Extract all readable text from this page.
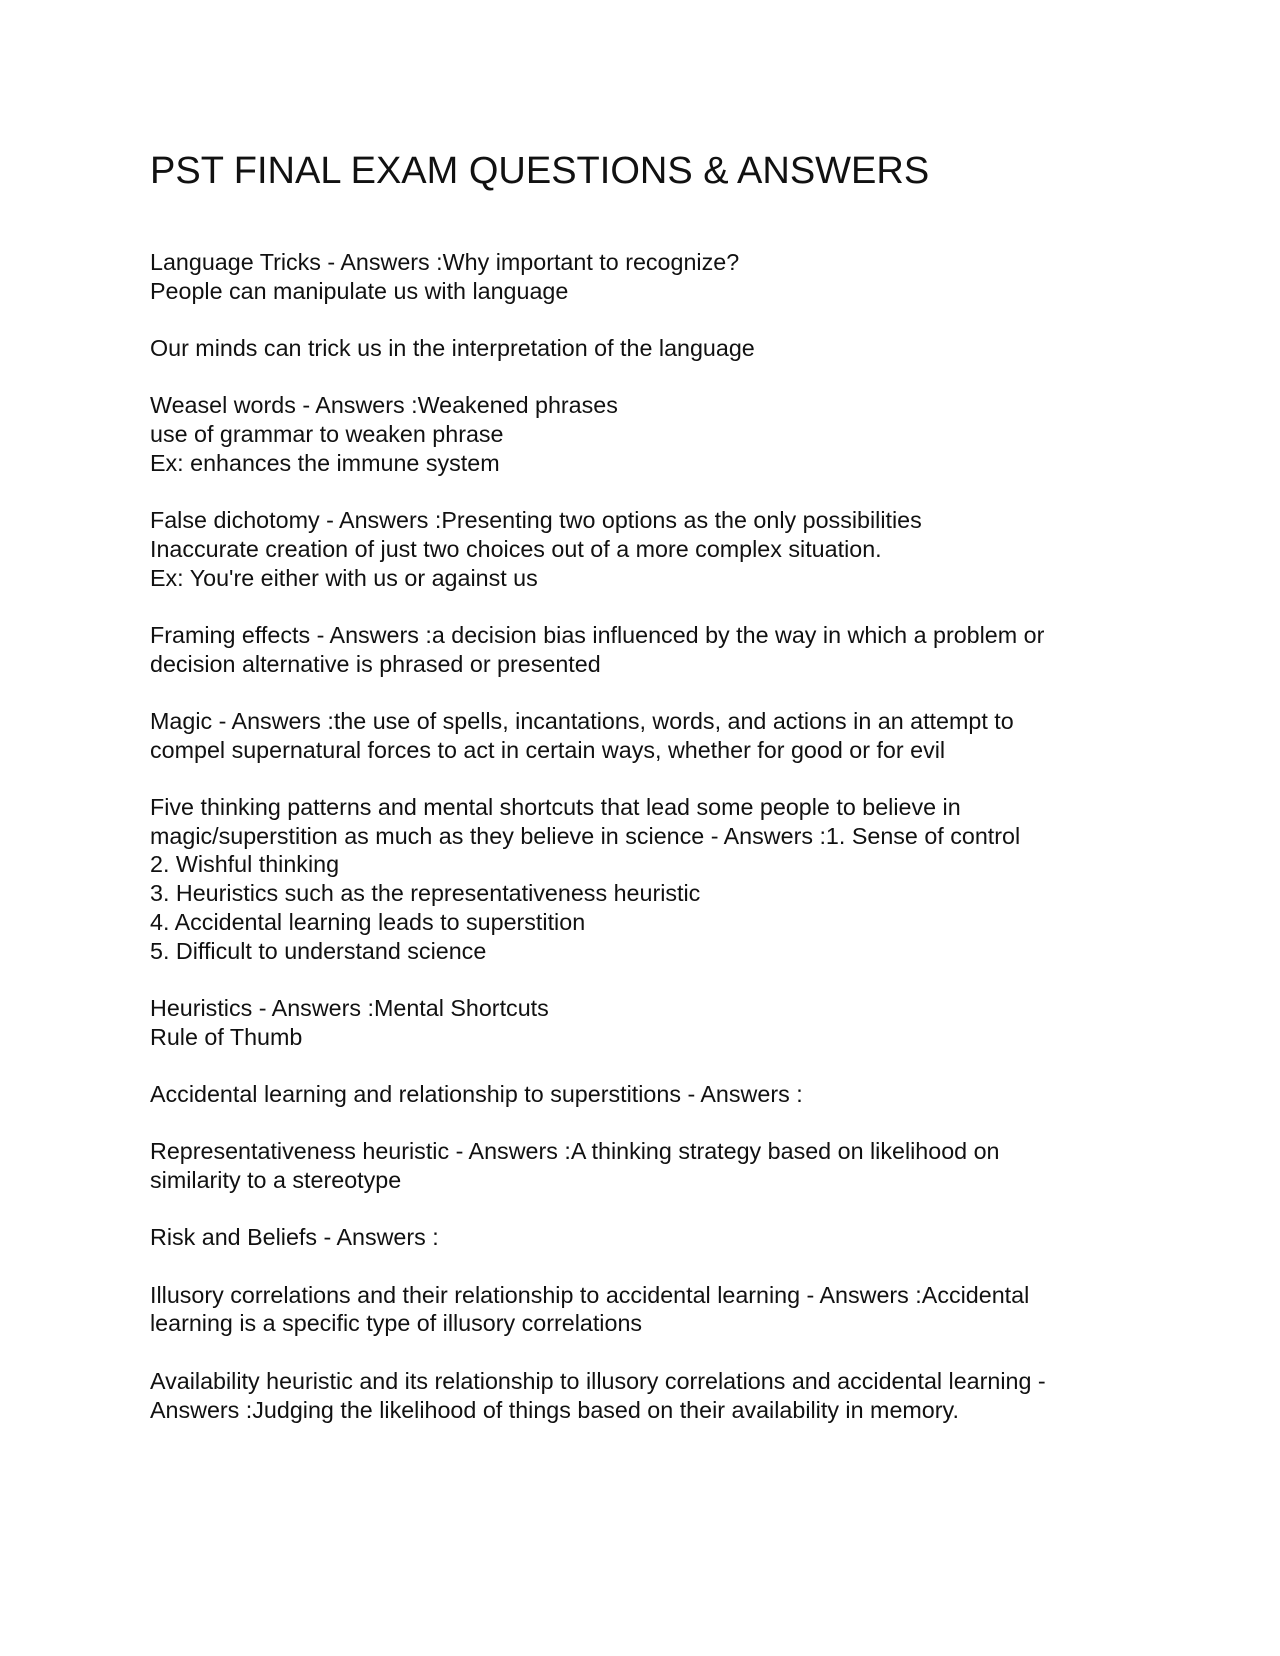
PST FINAL EXAM QUESTIONS & ANSWERS
Language Tricks - Answers :Why important to recognize?
People can manipulate us with language
Our minds can trick us in the interpretation of the language
Weasel words - Answers :Weakened phrases
use of grammar to weaken phrase
Ex: enhances the immune system
False dichotomy - Answers :Presenting two options as the only possibilities
Inaccurate creation of just two choices out of a more complex situation.
Ex: You're either with us or against us
Framing effects - Answers :a decision bias influenced by the way in which a problem or
decision alternative is phrased or presented
Magic - Answers :the use of spells, incantations, words, and actions in an attempt to
compel supernatural forces to act in certain ways, whether for good or for evil
Five thinking patterns and mental shortcuts that lead some people to believe in
magic/superstition as much as they believe in science - Answers :1. Sense of control
2. Wishful thinking
3. Heuristics such as the representativeness heuristic
4. Accidental learning leads to superstition
5. Difficult to understand science
Heuristics - Answers :Mental Shortcuts
Rule of Thumb
Accidental learning and relationship to superstitions - Answers :
Representativeness heuristic - Answers :A thinking strategy based on likelihood on
similarity to a stereotype
Risk and Beliefs - Answers :
Illusory correlations and their relationship to accidental learning - Answers :Accidental
learning is a specific type of illusory correlations
Availability heuristic and its relationship to illusory correlations and accidental learning -
Answers :Judging the likelihood of things based on their availability in memory.
